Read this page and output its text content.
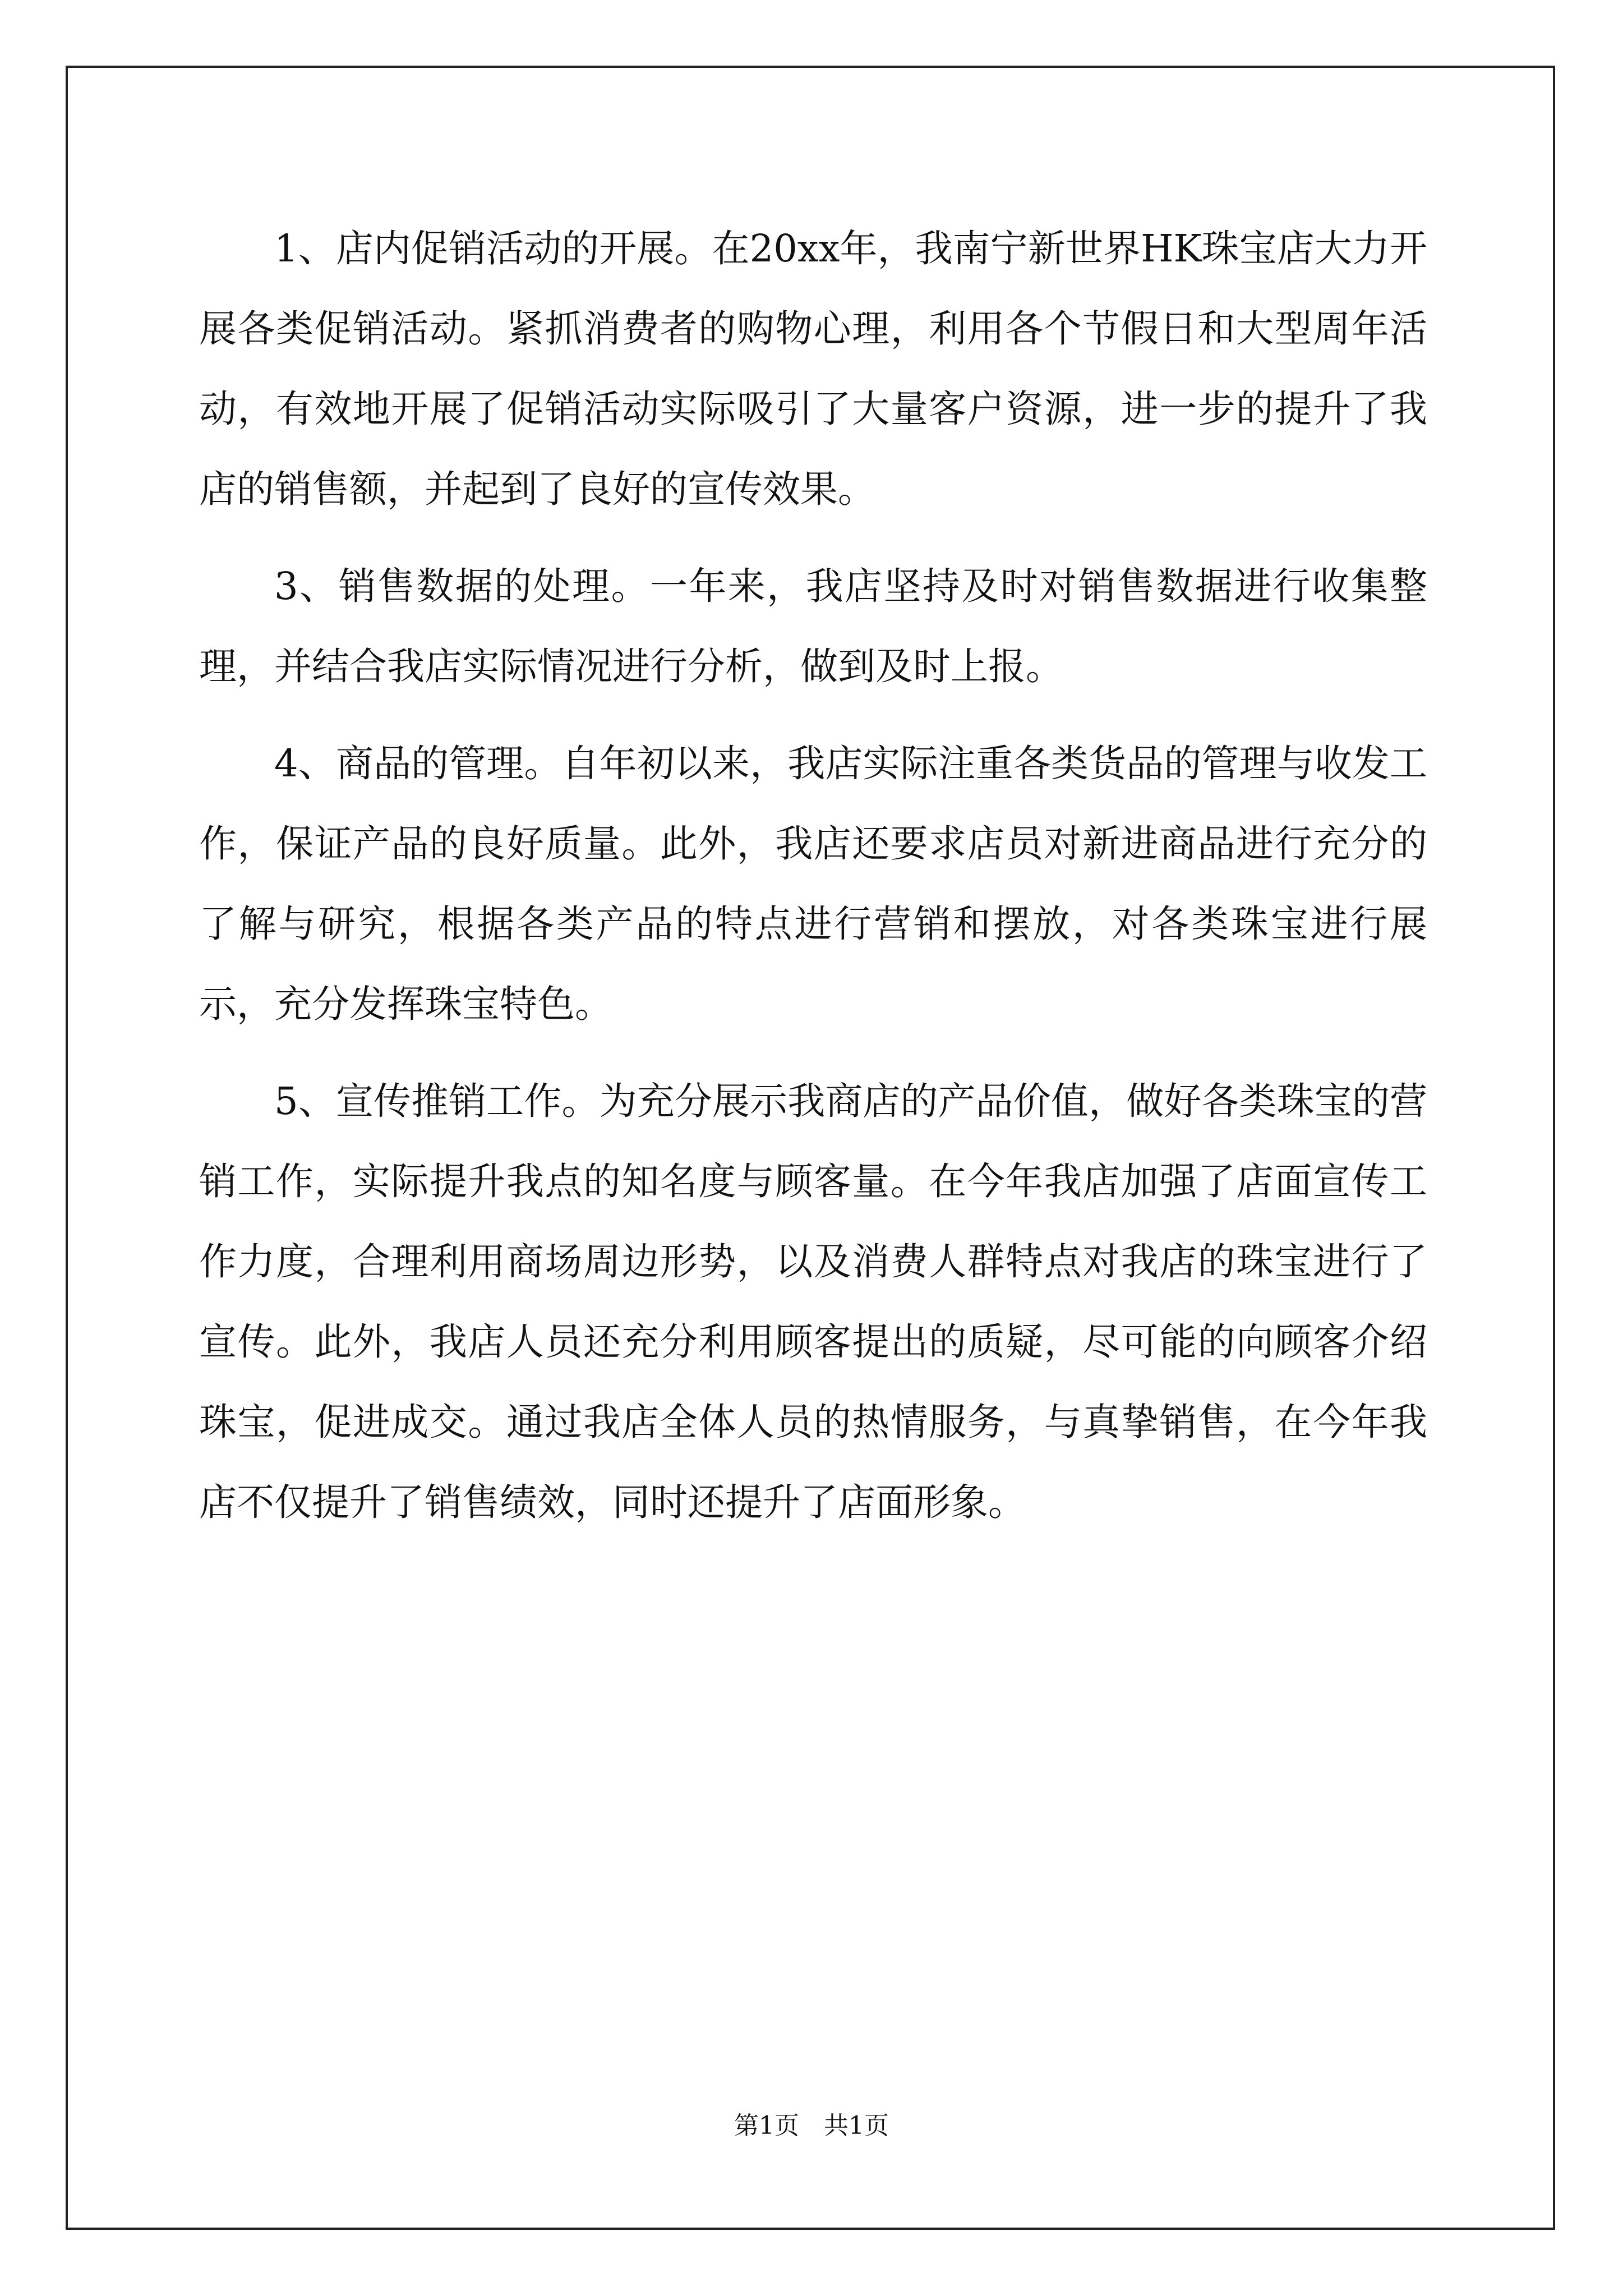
1、店内促销活动的开展。在20xx年，我南宁新世界HK珠宝店大力开展各类促销活动。紧抓消费者的购物心理，利用各个节假日和大型周年活动，有效地开展了促销活动实际吸引了大量客户资源，进一步的提升了我店的销售额，并起到了良好的宣传效果。

3、销售数据的处理。一年来，我店坚持及时对销售数据进行收集整理，并结合我店实际情况进行分析，做到及时上报。

4、商品的管理。自年初以来，我店实际注重各类货品的管理与收发工作，保证产品的良好质量。此外，我店还要求店员对新进商品进行充分的了解与研究，根据各类产品的特点进行营销和摆放，对各类珠宝进行展示，充分发挥珠宝特色。

5、宣传推销工作。为充分展示我商店的产品价值，做好各类珠宝的营销工作，实际提升我点的知名度与顾客量。在今年我店加强了店面宣传工作力度，合理利用商场周边形势，以及消费人群特点对我店的珠宝进行了宣传。此外，我店人员还充分利用顾客提出的质疑，尽可能的向顾客介绍珠宝，促进成交。通过我店全体人员的热情服务，与真挚销售，在今年我店不仅提升了销售绩效，同时还提升了店面形象。

第1页　共1页
